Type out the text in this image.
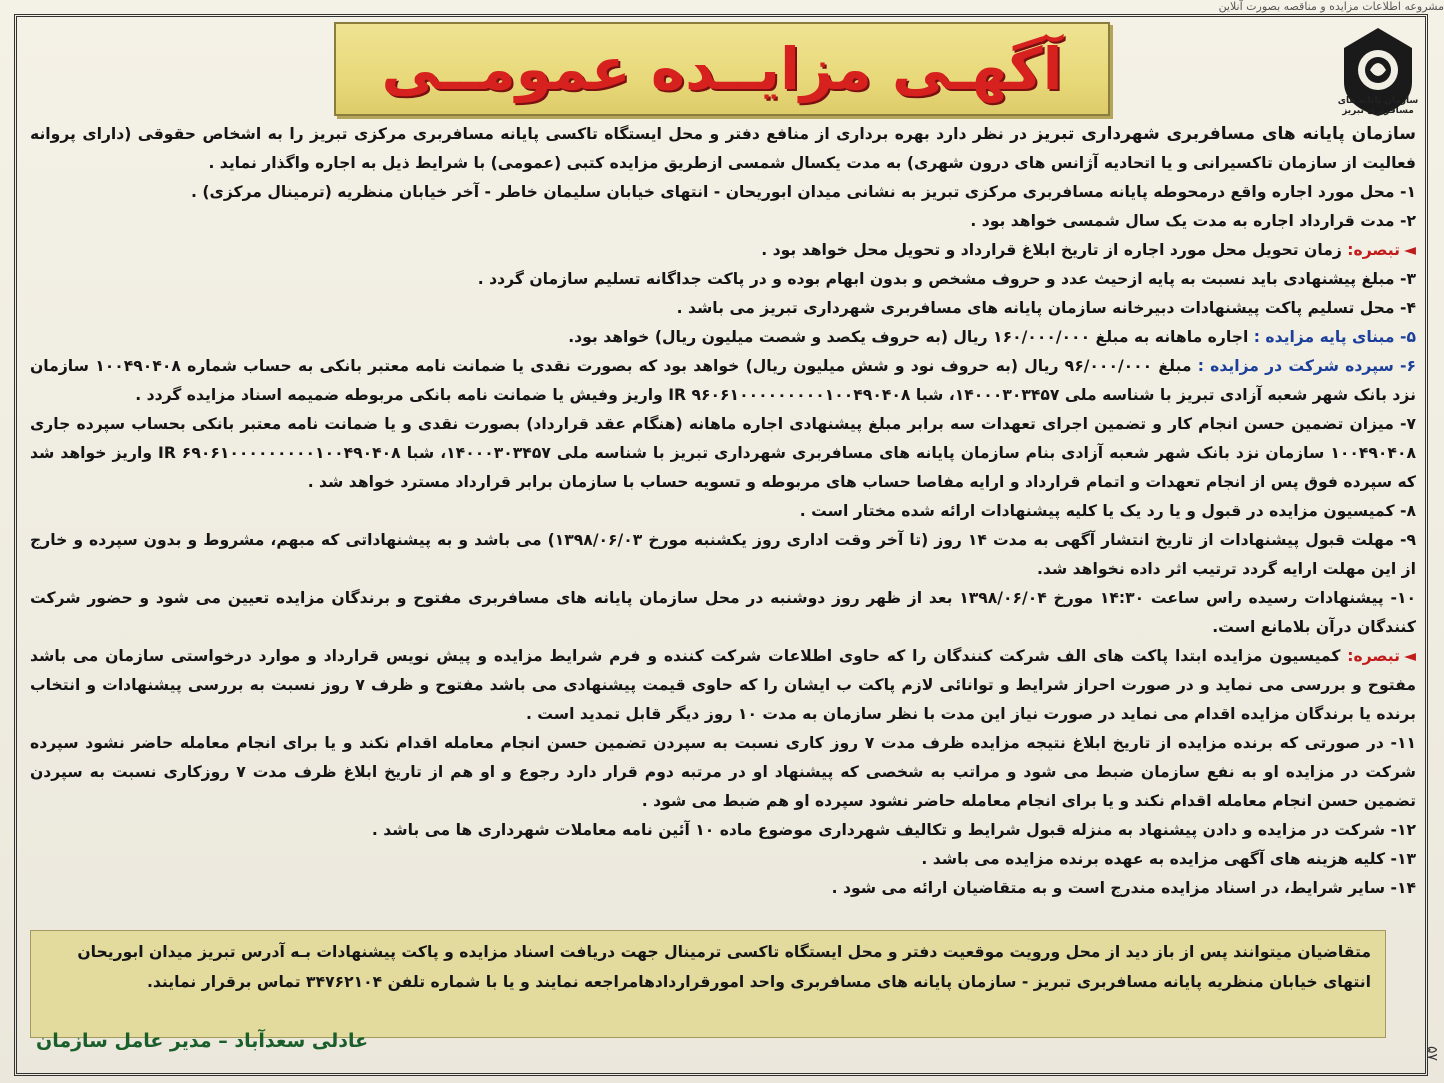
مشروعه اطلاعات مزایده و مناقصه بصورت آنلاین
آگهـی مزایــده عمومــی	سازمان پایانه های مسافربری تبریز

سازمان پایانه های مسافربری شهرداری تبریز در نظر دارد بهره برداری از منافع دفتر و محل ایستگاه تاکسی پایانه مسافربری مرکزی تبریز را به اشخاص حقوقی (دارای پروانه فعالیت از سازمان تاکسیرانی و یا اتحادیه آژانس های درون شهری) به مدت یکسال شمسی ازطریق مزایده کتبی (عمومی) با شرایط ذیل به اجاره واگذار نماید .

۱- محل مورد اجاره واقع درمحوطه پایانه مسافربری مرکزی تبریز به نشانی میدان ابوریحان - انتهای خیابان سلیمان خاطر - آخر خیابان منظریه (ترمینال مرکزی) .

۲- مدت قرارداد اجاره به مدت یک سال شمسی خواهد بود .

◄تبصره: زمان تحویل محل مورد اجاره از تاریخ ابلاغ قرارداد و تحویل محل خواهد بود .

۳- مبلغ پیشنهادی باید نسبت به پایه ازحیث عدد و حروف مشخص و بدون ابهام بوده و در پاکت جداگانه تسلیم سازمان گردد .

۴- محل تسلیم پاکت پیشنهادات دبیرخانه سازمان پایانه های مسافربری شهرداری تبریز می باشد .

۵- مبنای پایه مزایده : اجاره ماهانه به مبلغ ۱۶۰/۰۰۰/۰۰۰ ریال (به حروف یکصد و شصت میلیون ریال) خواهد بود.

۶- سپرده شرکت در مزایده : مبلغ ۹۶/۰۰۰/۰۰۰ ریال (به حروف نود و شش میلیون ریال) خواهد بود که بصورت نقدی یا ضمانت نامه معتبر بانکی به حساب شماره ۱۰۰۴۹۰۴۰۸ سازمان نزد بانک شهر شعبه آزادی تبریز با شناسه ملی ۱۴۰۰۰۳۰۳۴۵۷، شبا IR ۹۶۰۶۱۰۰۰۰۰۰۰۰۰۱۰۰۴۹۰۴۰۸ واریز وفیش یا ضمانت نامه بانکی مربوطه ضمیمه اسناد مزایده گردد .

۷- میزان تضمین حسن انجام کار و تضمین اجرای تعهدات سه برابر مبلغ پیشنهادی اجاره ماهانه (هنگام عقد قرارداد) بصورت نقدی و یا ضمانت نامه معتبر بانکی بحساب سپرده جاری ۱۰۰۴۹۰۴۰۸ سازمان نزد بانک شهر شعبه آزادی بنام سازمان پایانه های مسافربری شهرداری تبریز با شناسه ملی ۱۴۰۰۰۳۰۳۴۵۷، شبا IR ۶۹۰۶۱۰۰۰۰۰۰۰۰۰۱۰۰۴۹۰۴۰۸ واریز خواهد شد که سپرده فوق پس از انجام تعهدات و اتمام قرارداد و ارایه مفاصا حساب های مربوطه و تسویه حساب با سازمان برابر قرارداد مسترد خواهد شد .

۸- کمیسیون مزایده در قبول و یا رد یک یا کلیه پیشنهادات ارائه شده مختار است .

۹- مهلت قبول پیشنهادات از تاریخ انتشار آگهی به مدت ۱۴ روز (تا آخر وقت اداری روز یکشنبه مورخ ۱۳۹۸/۰۶/۰۳) می باشد و به پیشنهاداتی که مبهم، مشروط و بدون سپرده و خارج از این مهلت ارایه گردد ترتیب اثر داده نخواهد شد.

۱۰- پیشنهادات رسیده راس ساعت ۱۴:۳۰ مورخ ۱۳۹۸/۰۶/۰۴ بعد از ظهر روز دوشنبه در محل سازمان پایانه های مسافربری مفتوح و برندگان مزایده تعیین می شود و حضور شرکت کنندگان درآن بلامانع است.

◄تبصره: کمیسیون مزایده ابتدا پاکت های الف شرکت کنندگان را که حاوی اطلاعات شرکت کننده و فرم شرایط مزایده و پیش نویس قرارداد و موارد درخواستی سازمان می باشد مفتوح و بررسی می نماید و در صورت احراز شرایط و توانائی لازم پاکت ب ایشان را که حاوی قیمت پیشنهادی می باشد مفتوح و ظرف ۷ روز نسبت به بررسی پیشنهادات و انتخاب برنده یا برندگان مزایده اقدام می نماید در صورت نیاز این مدت با نظر سازمان به مدت ۱۰ روز دیگر قابل تمدید است .

۱۱- در صورتی که برنده مزایده از تاریخ ابلاغ نتیجه مزایده ظرف مدت ۷ روز کاری نسبت به سپردن تضمین حسن انجام معامله اقدام نکند و یا برای انجام معامله حاضر نشود سپرده شرکت در مزایده او به نفع سازمان ضبط می شود و مراتب به شخصی که پیشنهاد او در مرتبه دوم قرار دارد رجوع و او هم از تاریخ ابلاغ ظرف مدت ۷ روزکاری نسبت به سپردن تضمین حسن انجام معامله اقدام نکند و یا برای انجام معامله حاضر نشود سپرده او هم ضبط می شود .

۱۲- شرکت در مزایده و دادن پیشنهاد به منزله قبول شرایط و تکالیف شهرداری موضوع ماده ۱۰ آئین نامه معاملات شهرداری ها می باشد .

۱۳- کلیه هزینه های آگهی مزایده به عهده برنده مزایده می باشد .

۱۴- سایر شرایط، در اسناد مزایده مندرج است و به متقاضیان ارائه می شود .

متقاضیان میتوانند پس از باز دید از محل ورویت موقعیت دفتر و محل ایستگاه تاکسی ترمینال جهت دریافت اسناد مزایده و پاکت پیشنهادات بـه آدرس تبریز میدان ابوریحان انتهای خیابان منظریه پایانه مسافربری تبریز - سازمان پایانه های مسافربری واحد امورقراردادهامراجعه نمایند و یا با شماره تلفن ۳۴۷۶۲۱۰۴ تماس برقرار نمایند.
عادلی سعدآباد – مدیر عامل سازمان
۵۷
